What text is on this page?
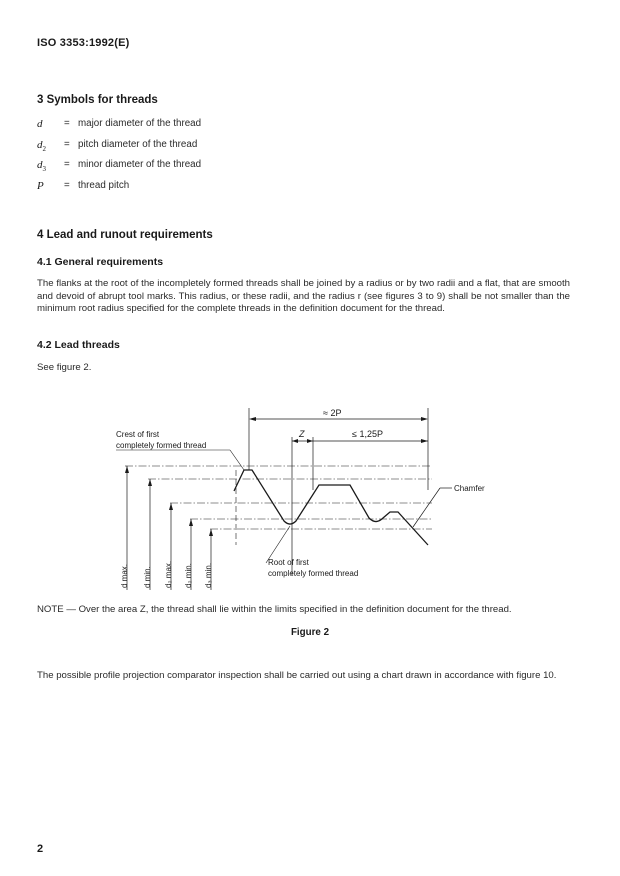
ISO 3353:1992(E)
3 Symbols for threads
d	= major diameter of the thread
$d_2$	= pitch diameter of the thread
$d_3$	= minor diameter of the thread
P	= thread pitch
4 Lead and runout requirements
4.1 General requirements
The flanks at the root of the incompletely formed threads shall be joined by a radius or by two radii and a flat, that are smooth and devoid of abrupt tool marks. This radius, or these radii, and the radius r (see figures 3 to 9) shall be not smaller than the minimum root radius specified for the complete threads in the definition document for the thread.
4.2 Lead threads
See figure 2.
Crest of first
completely formed thread
Chamfer
Root of first
completely formed thread
≈ 2P
Z	≤ 1,25P
d max. d min. d₂ max. d₂ min. d₃ min.
NOTE — Over the area Z, the thread shall lie within the limits specified in the definition document for the thread.
Figure 2
The possible profile projection comparator inspection shall be carried out using a chart drawn in accordance with figure 10.
2
